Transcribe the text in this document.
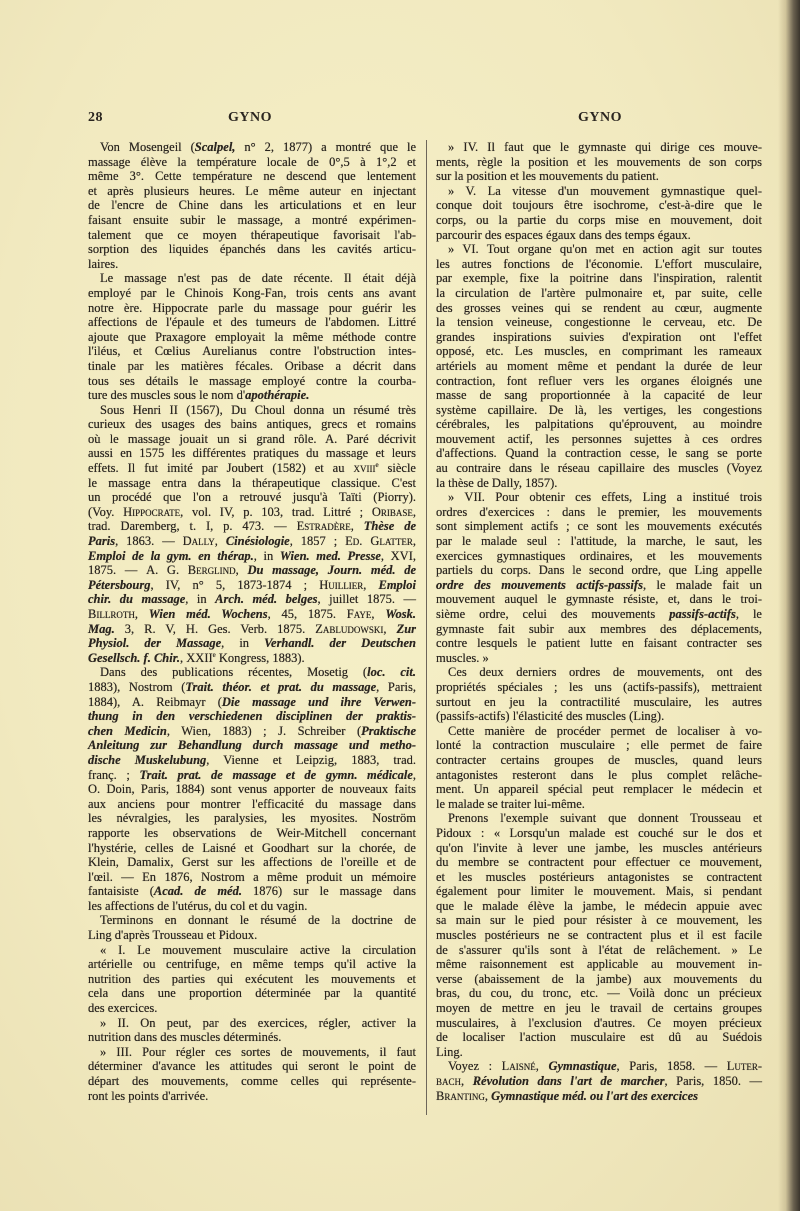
28	GYNO	GYNO
Von Mosengeil (Scalpel, n° 2, 1877) a montré que le
massage élève la température locale de 0°,5 à 1°,2 et
même 3°. Cette température ne descend que lentement
et après plusieurs heures. Le même auteur en injectant
de l'encre de Chine dans les articulations et en leur
faisant ensuite subir le massage, a montré expérimen-
talement que ce moyen thérapeutique favorisait l'ab-
sorption des liquides épanchés dans les cavités articu-
laires.
Le massage n'est pas de date récente. Il était déjà
employé par le Chinois Kong-Fan, trois cents ans avant
notre ère. Hippocrate parle du massage pour guérir les
affections de l'épaule et des tumeurs de l'abdomen. Littré
ajoute que Praxagore employait la même méthode contre
l'iléus, et Cœlius Aurelianus contre l'obstruction intes-
tinale par les matières fécales. Oribase a décrit dans
tous ses détails le massage employé contre la courba-
ture des muscles sous le nom d'apothérapie.
Sous Henri II (1567), Du Choul donna un résumé très
curieux des usages des bains antiques, grecs et romains
où le massage jouait un si grand rôle. A. Paré décrivit
aussi en 1575 les différentes pratiques du massage et leurs
effets. Il fut imité par Joubert (1582) et au xviii$^e$ siècle
le massage entra dans la thérapeutique classique. C'est
un procédé que l'on a retrouvé jusqu'à Taïti (Piorry).
(Voy. Hippocrate, vol. IV, p. 103, trad. Littré ; Oribase,
trad. Daremberg, t. I, p. 473. — Estradère, Thèse de
Paris, 1863. — Dally, Cinésiologie, 1857 ; Ed. Glatter,
Emploi de la gym. en thérap., in Wien. med. Presse, XVI,
1875. — A. G. Berglind, Du massage, Journ. méd. de
Pétersbourg, IV, n° 5, 1873-1874 ; Huillier, Emploi
chir. du massage, in Arch. méd. belges, juillet 1875. —
Billroth, Wien méd. Wochens, 45, 1875. Faye, Wosk.
Mag. 3, R. V, H. Ges. Verb. 1875. Zabludowski, Zur
Physiol. der Massage, in Verhandl. der Deutschen
Gesellsch. f. Chir., XXIIe Kongress, 1883).
Dans des publications récentes, Mosetig (loc. cit.
1883), Nostrom (Trait. théor. et prat. du massage, Paris,
1884), A. Reibmayr (Die massage und ihre Verwen-
thung in den verschiedenen disciplinen der praktis-
chen Medicin, Wien, 1883) ; J. Schreiber (Praktische
Anleitung zur Behandlung durch massage und metho-
dische Muskelubung, Vienne et Leipzig, 1883, trad.
franç. ; Trait. prat. de massage et de gymn. médicale,
O. Doin, Paris, 1884) sont venus apporter de nouveaux faits
aux anciens pour montrer l'efficacité du massage dans
les névralgies, les paralysies, les myosites. Noström
rapporte les observations de Weir-Mitchell concernant
l'hystérie, celles de Laisné et Goodhart sur la chorée, de
Klein, Damalix, Gerst sur les affections de l'oreille et de
l'œil. — En 1876, Nostrom a même produit un mémoire
fantaisiste (Acad. de méd. 1876) sur le massage dans
les affections de l'utérus, du col et du vagin.
Terminons en donnant le résumé de la doctrine de
Ling d'après Trousseau et Pidoux.
« I. Le mouvement musculaire active la circulation
artérielle ou centrifuge, en même temps qu'il active la
nutrition des parties qui exécutent les mouvements et
cela dans une proportion déterminée par la quantité
des exercices.
» II. On peut, par des exercices, régler, activer la
nutrition dans des muscles déterminés.
» III. Pour régler ces sortes de mouvements, il faut
déterminer d'avance les attitudes qui seront le point de
départ des mouvements, comme celles qui représente-
ront les points d'arrivée.
» IV. Il faut que le gymnaste qui dirige ces mouve-
ments, règle la position et les mouvements de son corps
sur la position et les mouvements du patient.
» V. La vitesse d'un mouvement gymnastique quel-
conque doit toujours être isochrome, c'est-à-dire que le
corps, ou la partie du corps mise en mouvement, doit
parcourir des espaces égaux dans des temps égaux.
» VI. Tout organe qu'on met en action agit sur toutes
les autres fonctions de l'économie. L'effort musculaire,
par exemple, fixe la poitrine dans l'inspiration, ralentit
la circulation de l'artère pulmonaire et, par suite, celle
des grosses veines qui se rendent au cœur, augmente
la tension veineuse, congestionne le cerveau, etc. De
grandes inspirations suivies d'expiration ont l'effet
opposé, etc. Les muscles, en comprimant les rameaux
artériels au moment même et pendant la durée de leur
contraction, font refluer vers les organes éloignés une
masse de sang proportionnée à la capacité de leur
système capillaire. De là, les vertiges, les congestions
cérébrales, les palpitations qu'éprouvent, au moindre
mouvement actif, les personnes sujettes à ces ordres
d'affections. Quand la contraction cesse, le sang se porte
au contraire dans le réseau capillaire des muscles (Voyez
la thèse de Dally, 1857).
» VII. Pour obtenir ces effets, Ling a institué trois
ordres d'exercices : dans le premier, les mouvements
sont simplement actifs ; ce sont les mouvements exécutés
par le malade seul : l'attitude, la marche, le saut, les
exercices gymnastiques ordinaires, et les mouvements
partiels du corps. Dans le second ordre, que Ling appelle
ordre des mouvements actifs-passifs, le malade fait un
mouvement auquel le gymnaste résiste, et, dans le troi-
sième ordre, celui des mouvements passifs-actifs, le
gymnaste fait subir aux membres des déplacements,
contre lesquels le patient lutte en faisant contracter ses
muscles. »
Ces deux derniers ordres de mouvements, ont des
propriétés spéciales ; les uns (actifs-passifs), mettraient
surtout en jeu la contractilité musculaire, les autres
(passifs-actifs) l'élasticité des muscles (Ling).
Cette manière de procéder permet de localiser à vo-
lonté la contraction musculaire ; elle permet de faire
contracter certains groupes de muscles, quand leurs
antagonistes resteront dans le plus complet relâche-
ment. Un appareil spécial peut remplacer le médecin et
le malade se traiter lui-même.
Prenons l'exemple suivant que donnent Trousseau et
Pidoux : « Lorsqu'un malade est couché sur le dos et
qu'on l'invite à lever une jambe, les muscles antérieurs
du membre se contractent pour effectuer ce mouvement,
et les muscles postérieurs antagonistes se contractent
également pour limiter le mouvement. Mais, si pendant
que le malade élève la jambe, le médecin appuie avec
sa main sur le pied pour résister à ce mouvement, les
muscles postérieurs ne se contractent plus et il est facile
de s'assurer qu'ils sont à l'état de relâchement. » Le
même raisonnement est applicable au mouvement in-
verse (abaissement de la jambe) aux mouvements du
bras, du cou, du tronc, etc. — Voilà donc un précieux
moyen de mettre en jeu le travail de certains groupes
musculaires, à l'exclusion d'autres. Ce moyen précieux
de localiser l'action musculaire est dû au Suédois
Ling.
Voyez : Laisné, Gymnastique, Paris, 1858. — Luter-
bach, Révolution dans l'art de marcher, Paris, 1850. —
Branting, Gymnastique méd. ou l'art des exercices
